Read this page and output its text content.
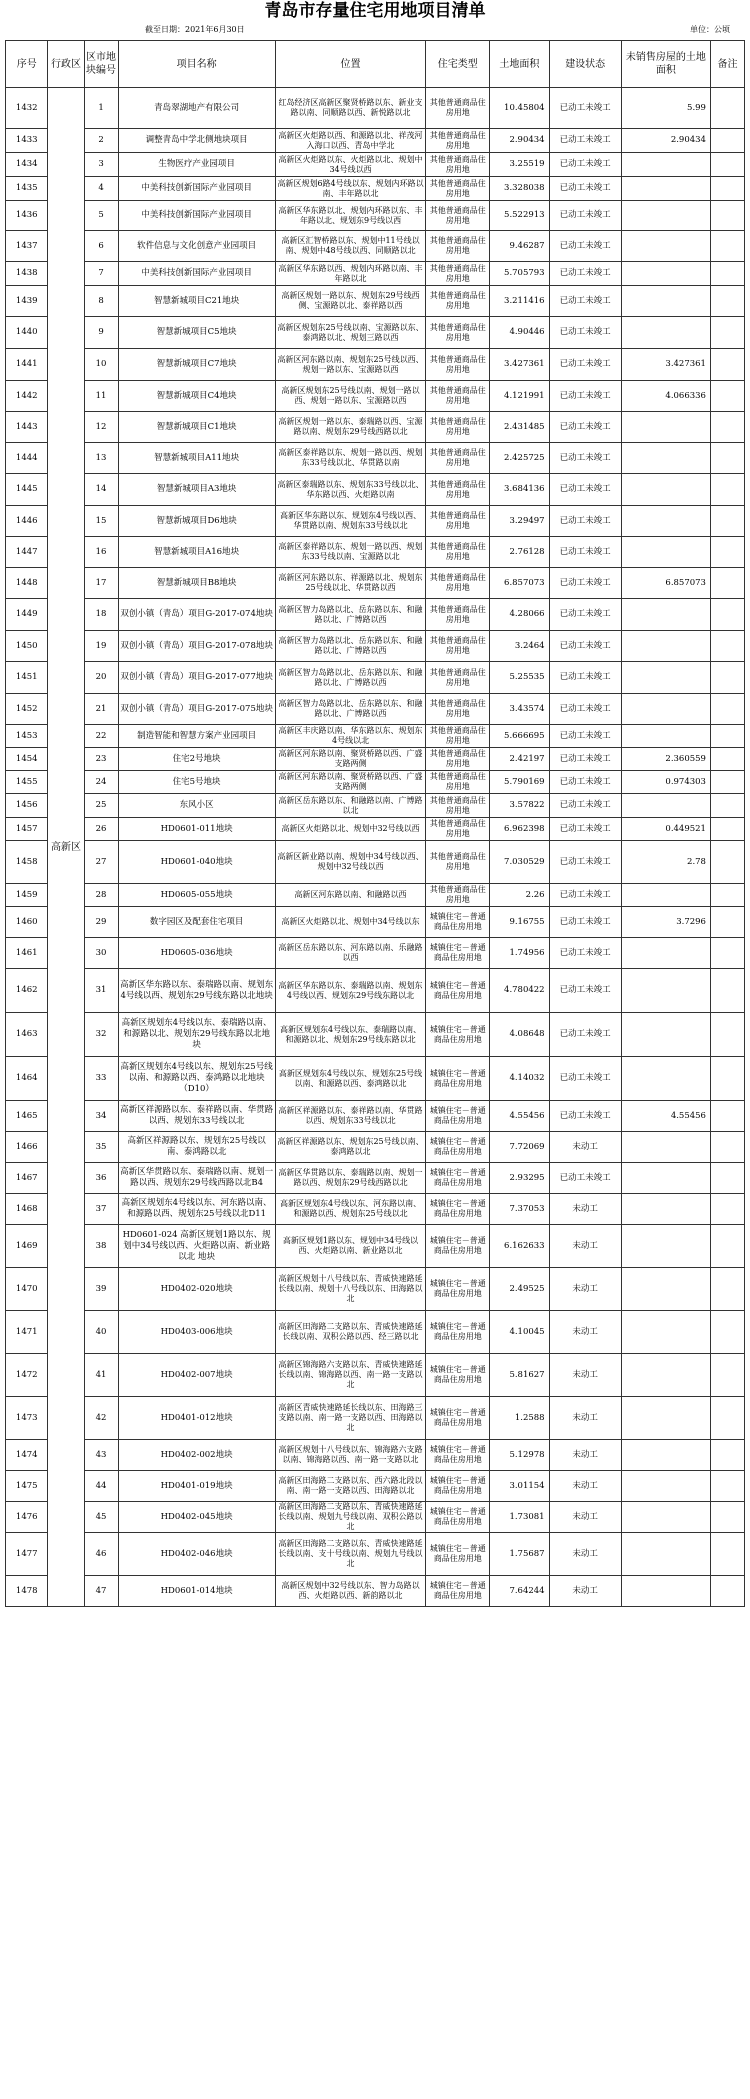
青岛市存量住宅用地项目清单
截至日期：2021年6月30日	单位：公顷
序号	行政区	区市地块编号	项目名称	位置	住宅类型	土地面积	建设状态	未销售房屋的土地面积	备注
1432	高新区	1	青岛翠湖地产有限公司	红岛经济区高新区聚贤桥路以东、新业支路以南、同顺路以西、新悦路以北	其他普通商品住房用地	10.45804	已动工未竣工	5.99	
1433		2	调整青岛中学北侧地块项目	高新区火炬路以西、和源路以北、祥茂河入海口以西、青岛中学北	其他普通商品住房用地	2.90434	已动工未竣工	2.90434	
1434		3	生物医疗产业园项目	高新区火炬路以东、火炬路以北、规划中34号线以西	其他普通商品住房用地	3.25519	已动工未竣工		
1435		4	中美科技创新国际产业园项目	高新区规划6路4号线以东、规划内环路以南、丰年路以北	其他普通商品住房用地	3.328038	已动工未竣工		
1436		5	中美科技创新国际产业园项目	高新区华东路以北、规划内环路以东、丰年路以北、规划东9号线以西	其他普通商品住房用地	5.522913	已动工未竣工		
1437		6	软件信息与文化创意产业园项目	高新区汇智桥路以东、规划中11号线以南、规划中48号线以西、同顺路以北	其他普通商品住房用地	9.46287	已动工未竣工		
1438		7	中美科技创新国际产业园项目	高新区华东路以西、规划内环路以南、丰年路以北	其他普通商品住房用地	5.705793	已动工未竣工		
1439		8	智慧新城项目C21地块	高新区规划一路以东、规划东29号线西侧、宝源路以北、泰祥路以西	其他普通商品住房用地	3.211416	已动工未竣工		
1440		9	智慧新城项目C5地块	高新区规划东25号线以南、宝源路以东、泰鸿路以北、规划三路以西	其他普通商品住房用地	4.90446	已动工未竣工		
1441		10	智慧新城项目C7地块	高新区河东路以南、规划东25号线以西、规划一路以东、宝源路以西	其他普通商品住房用地	3.427361	已动工未竣工	3.427361	
1442		11	智慧新城项目C4地块	高新区规划东25号线以南、规划一路以西、规划一路以东、宝源路以西	其他普通商品住房用地	4.121991	已动工未竣工	4.066336	
1443		12	智慧新城项目C1地块	高新区规划一路以东、泰瑞路以西、宝源路以南、规划东29号线西路以北	其他普通商品住房用地	2.431485	已动工未竣工		
1444		13	智慧新城项目A11地块	高新区泰祥路以东、规划一路以西、规划东33号线以北、华贯路以南	其他普通商品住房用地	2.425725	已动工未竣工		
1445		14	智慧新城项目A3地块	高新区泰瑞路以东、规划东33号线以北、华东路以西、火炬路以南	其他普通商品住房用地	3.684136	已动工未竣工		
1446		15	智慧新城项目D6地块	高新区华东路以东、规划东4号线以西、华贯路以南、规划东33号线以北	其他普通商品住房用地	3.29497	已动工未竣工		
1447		16	智慧新城项目A16地块	高新区泰祥路以东、规划一路以西、规划东33号线以南、宝源路以北	其他普通商品住房用地	2.76128	已动工未竣工		
1448		17	智慧新城项目B8地块	高新区河东路以东、祥源路以北、规划东25号线以北、华贯路以西	其他普通商品住房用地	6.857073	已动工未竣工	6.857073	
1449		18	双创小镇（青岛）项目G-2017-074地块	高新区智力岛路以北、岳东路以东、和融路以北、广博路以西	其他普通商品住房用地	4.28066	已动工未竣工		
1450		19	双创小镇（青岛）项目G-2017-078地块	高新区智力岛路以北、岳东路以东、和融路以北、广博路以西	其他普通商品住房用地	3.2464	已动工未竣工		
1451		20	双创小镇（青岛）项目G-2017-077地块	高新区智力岛路以北、岳东路以东、和融路以北、广博路以西	其他普通商品住房用地	5.25535	已动工未竣工		
1452		21	双创小镇（青岛）项目G-2017-075地块	高新区智力岛路以北、岳东路以东、和融路以北、广博路以西	其他普通商品住房用地	3.43574	已动工未竣工		
1453		22	制造智能和智慧方案产业园项目	高新区丰庆路以南、华东路以东、规划东4号线以北	其他普通商品住房用地	5.666695	已动工未竣工		
1454		23	住宅2号地块	高新区河东路以南、聚贤桥路以西、广盛支路两侧	其他普通商品住房用地	2.42197	已动工未竣工	2.360559	
1455		24	住宅5号地块	高新区河东路以南、聚贤桥路以西、广盛支路两侧	其他普通商品住房用地	5.790169	已动工未竣工	0.974303	
1456		25	东风小区	高新区岳东路以东、和融路以南、广博路以北	其他普通商品住房用地	3.57822	已动工未竣工		
1457		26	HD0601-011地块	高新区火炬路以北、规划中32号线以西	其他普通商品住房用地	6.962398	已动工未竣工	0.449521	
1458		27	HD0601-040地块	高新区新业路以南、规划中34号线以西、规划中32号线以西	其他普通商品住房用地	7.030529	已动工未竣工	2.78	
1459		28	HD0605-055地块	高新区河东路以南、和融路以西	其他普通商品住房用地	2.26	已动工未竣工		
1460		29	数字园区及配套住宅项目	高新区火炬路以北、规划中34号线以东	城镇住宅－普通商品住房用地	9.16755	已动工未竣工	3.7296	
1461		30	HD0605-036地块	高新区岳东路以东、河东路以南、乐融路以西	城镇住宅－普通商品住房用地	1.74956	已动工未竣工		
1462		31	高新区华东路以东、泰瑞路以南、规划东4号线以西、规划东29号线东路以北地块	高新区华东路以东、泰瑞路以南、规划东4号线以西、规划东29号线东路以北	城镇住宅－普通商品住房用地	4.780422	已动工未竣工		
1463		32	高新区规划东4号线以东、泰瑞路以南、和源路以北、规划东29号线东路以北地块	高新区规划东4号线以东、泰瑞路以南、和源路以北、规划东29号线东路以北	城镇住宅－普通商品住房用地	4.08648	已动工未竣工		
1464		33	高新区规划东4号线以东、规划东25号线以南、和源路以西、泰鸿路以北地块（D10）	高新区规划东4号线以东、规划东25号线以南、和源路以西、泰鸿路以北	城镇住宅－普通商品住房用地	4.14032	已动工未竣工		
1465		34	高新区祥源路以东、泰祥路以南、华贯路以西、规划东33号线以北	高新区祥源路以东、泰祥路以南、华贯路以西、规划东33号线以北	城镇住宅－普通商品住房用地	4.55456	已动工未竣工	4.55456	
1466		35	高新区祥源路以东、规划东25号线以南、泰鸿路以北	高新区祥源路以东、规划东25号线以南、泰鸿路以北	城镇住宅－普通商品住房用地	7.72069	未动工		
1467		36	高新区华贯路以东、泰瑞路以南、规划一路以西、规划东29号线西路以北B4	高新区华贯路以东、泰瑞路以南、规划一路以西、规划东29号线西路以北	城镇住宅－普通商品住房用地	2.93295	已动工未竣工		
1468		37	高新区规划东4号线以东、河东路以南、和源路以西、规划东25号线以北D11	高新区规划东4号线以东、河东路以南、和源路以西、规划东25号线以北	城镇住宅－普通商品住房用地	7.37053	未动工		
1469		38	HD0601-024 高新区规划1路以东、规划中34号线以西、火炬路以南、新业路以北 地块	高新区规划1路以东、规划中34号线以西、火炬路以南、新业路以北	城镇住宅－普通商品住房用地	6.162633	未动工		
1470		39	HD0402-020地块	高新区规划十八号线以东、青威快速路延长线以南、规划十八号线以东、田海路以北	城镇住宅－普通商品住房用地	2.49525	未动工		
1471		40	HD0403-006地块	高新区田海路二支路以东、青威快速路延长线以南、双积公路以西、经三路以北	城镇住宅－普通商品住房用地	4.10045	未动工		
1472		41	HD0402-007地块	高新区锦海路六支路以东、青威快速路延长线以南、锦海路以西、南一路一支路以北	城镇住宅－普通商品住房用地	5.81627	未动工		
1473		42	HD0401-012地块	高新区青威快速路延长线以东、田海路三支路以南、南一路一支路以西、田海路以北	城镇住宅－普通商品住房用地	1.2588	未动工		
1474		43	HD0402-002地块	高新区规划十八号线以东、锦海路六支路以南、锦海路以西、南一路一支路以北	城镇住宅－普通商品住房用地	5.12978	未动工		
1475		44	HD0401-019地块	高新区田海路二支路以东、西六路北段以南、南一路一支路以西、田海路以北	城镇住宅－普通商品住房用地	3.01154	未动工		
1476		45	HD0402-045地块	高新区田海路二支路以东、青威快速路延长线以南、规划九号线以南、双积公路以北	城镇住宅－普通商品住房用地	1.73081	未动工		
1477		46	HD0402-046地块	高新区田海路二支路以东、青威快速路延长线以南、支十号线以南、规划九号线以北	城镇住宅－普通商品住房用地	1.75687	未动工		
1478		47	HD0601-014地块	高新区规划中32号线以东、智力岛路以西、火炬路以西、新韵路以北	城镇住宅－普通商品住房用地	7.64244	未动工		
